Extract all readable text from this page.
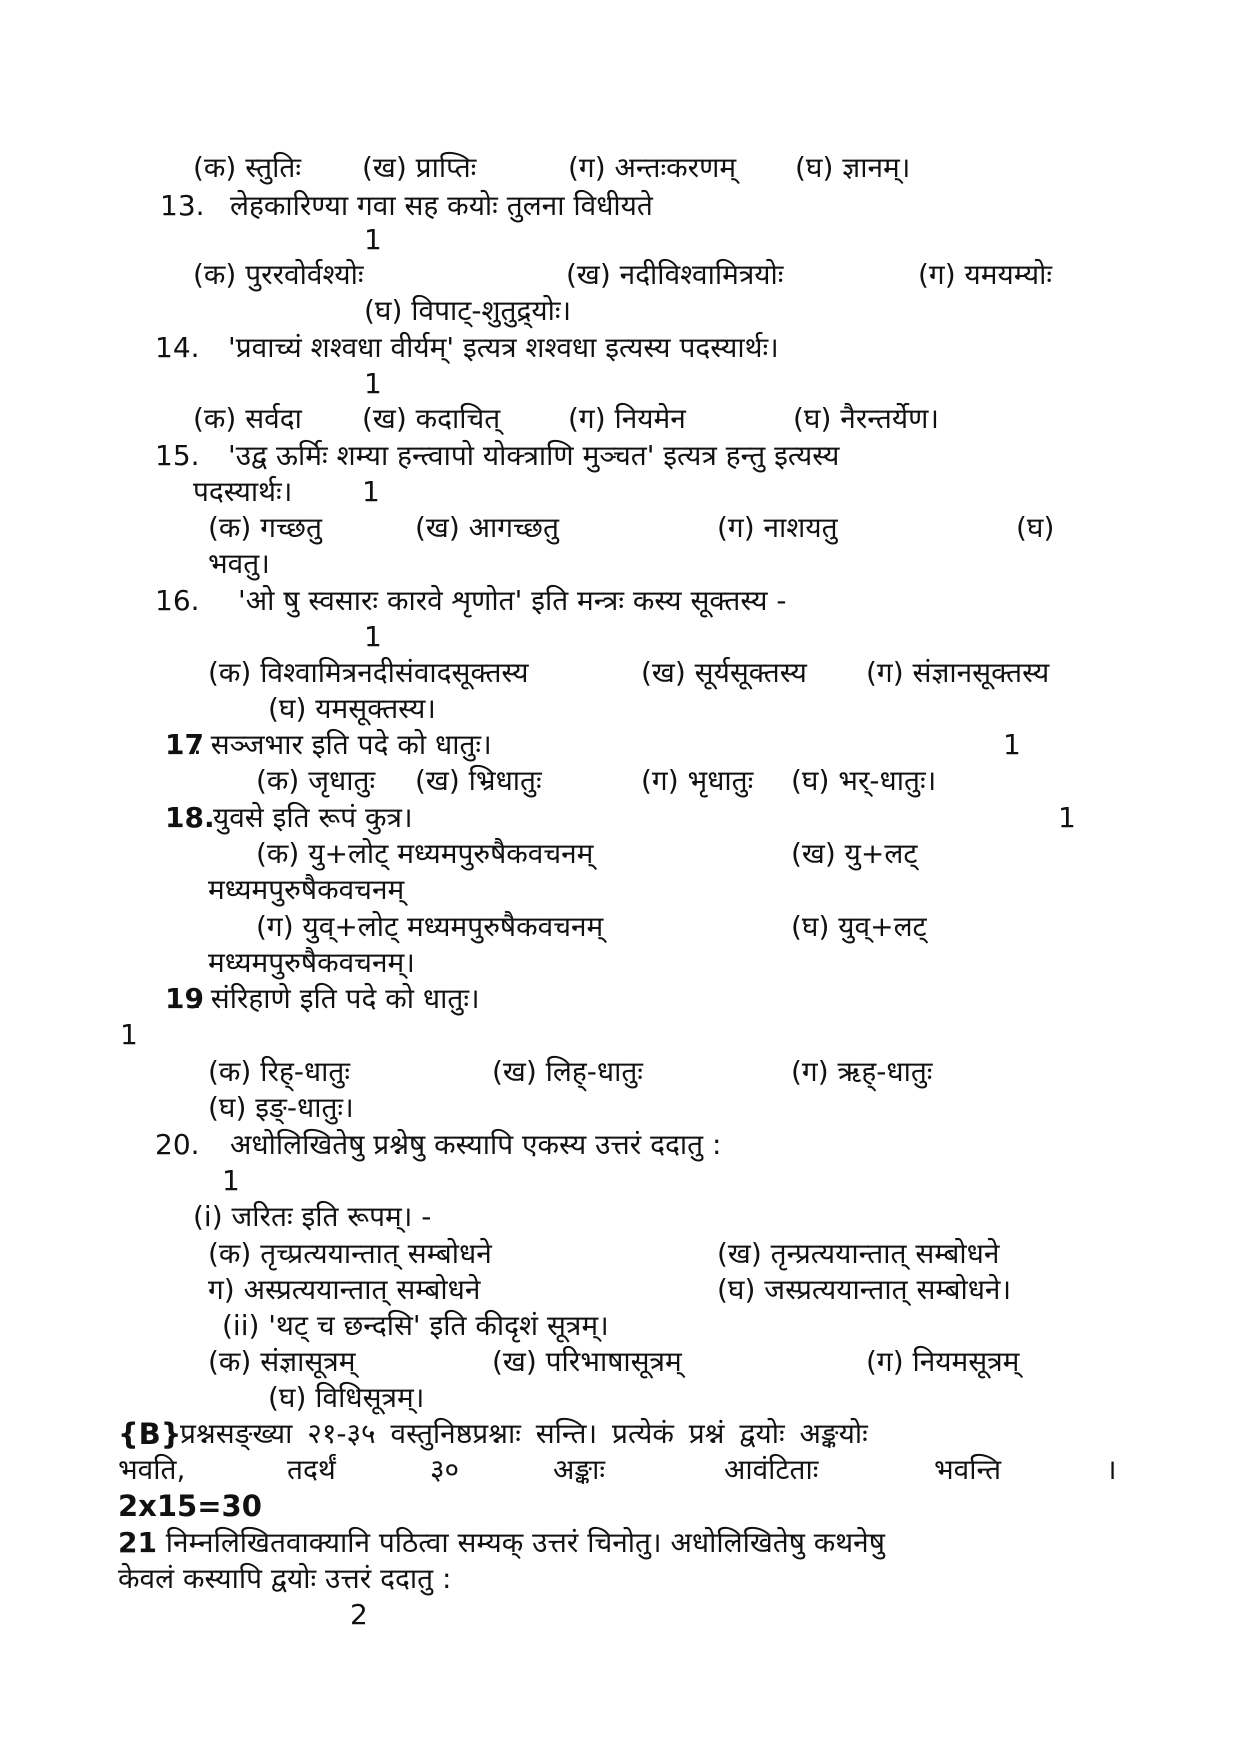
(क) स्तुतिः (ख) प्राप्तिः	(ग) अन्तःकरणम् (घ) ज्ञानम्।
13. लेहकारिण्या गवा सह कयोः तुलना विधीयते
1
(क) पुररवोर्वश्योः	(ख) नदीविश्वामित्रयोः	(ग) यमयम्योः
(घ) विपाट्-शुतुद्र्योः।
14. 'प्रवाच्यं शश्वधा वीर्यम्' इत्यत्र शश्वधा इत्यस्य पदस्यार्थः।
1
(क) सर्वदा (ख) कदाचित् (ग) नियमेन	(घ) नैरन्तर्येण।
15. 'उद्व ऊर्मिः शम्या हन्त्वापो योक्त्राणि मुञ्चत' इत्यत्र हन्तु इत्यस्य
पदस्यार्थः। 1
(क) गच्छतु	(ख) आगच्छतु	(ग) नाशयतु	(घ)
भवतु।
16. 'ओ षु स्वसारः कारवे शृणोत' इति मन्त्रः कस्य सूक्तस्य -
1
(क) विश्वामित्रनदीसंवादसूक्तस्य	(ख) सूर्यसूक्तस्य (ग) संज्ञानसूक्तस्य
(घ) यमसूक्तस्य।
17
. सञ्जभार इति पदे को धातुः।	1
(क) जृधातुः (ख) भ्रिधातुः	(ग) भृधातुः (घ) भर्-धातुः।
18.
युवसे इति रूपं कुत्र।	1
(क) यु+लोट् मध्यमपुरुषैकवचनम्	(ख) यु+लट्
मध्यमपुरुषैकवचनम्
(ग) युव्+लोट् मध्यमपुरुषैकवचनम्	(घ) युव्+लट्
मध्यमपुरुषैकवचनम्।
19
. संरिहाणे इति पदे को धातुः।
1
(क) रिह्-धातुः	(ख) लिह्-धातुः	(ग) ऋह्-धातुः
(घ) इङ्-धातुः।
20. अधोलिखितेषु प्रश्नेषु कस्यापि एकस्य उत्तरं ददातु :
1
(i) जरितः इति रूपम्। -
(क) तृच्प्रत्ययान्तात् सम्बोधने	(ख) तृन्प्रत्ययान्तात् सम्बोधने
ग) अस्प्रत्ययान्तात् सम्बोधने	(घ) जस्प्रत्ययान्तात् सम्बोधने।
(ii) 'थट् च छन्दसि' इति कीदृशं सूत्रम्।
(क) संज्ञासूत्रम्	(ख) परिभाषासूत्रम्	(ग) नियमसूत्रम्
(घ) विधिसूत्रम्।
{B}
प्रश्नसङ्ख्या २१-३५ वस्तुनिष्ठप्रश्नाः सन्ति। प्रत्येकं प्रश्नं द्वयोः अङ्कयोः
भवति,	तदर्थं	३०	अङ्काः	आवंटिताः	भवन्ति	।
2x15=30
21
. निम्नलिखितवाक्यानि पठित्वा सम्यक् उत्तरं चिनोतु। अधोलिखितेषु कथनेषु
केवलं कस्यापि द्वयोः उत्तरं ददातु :
2
